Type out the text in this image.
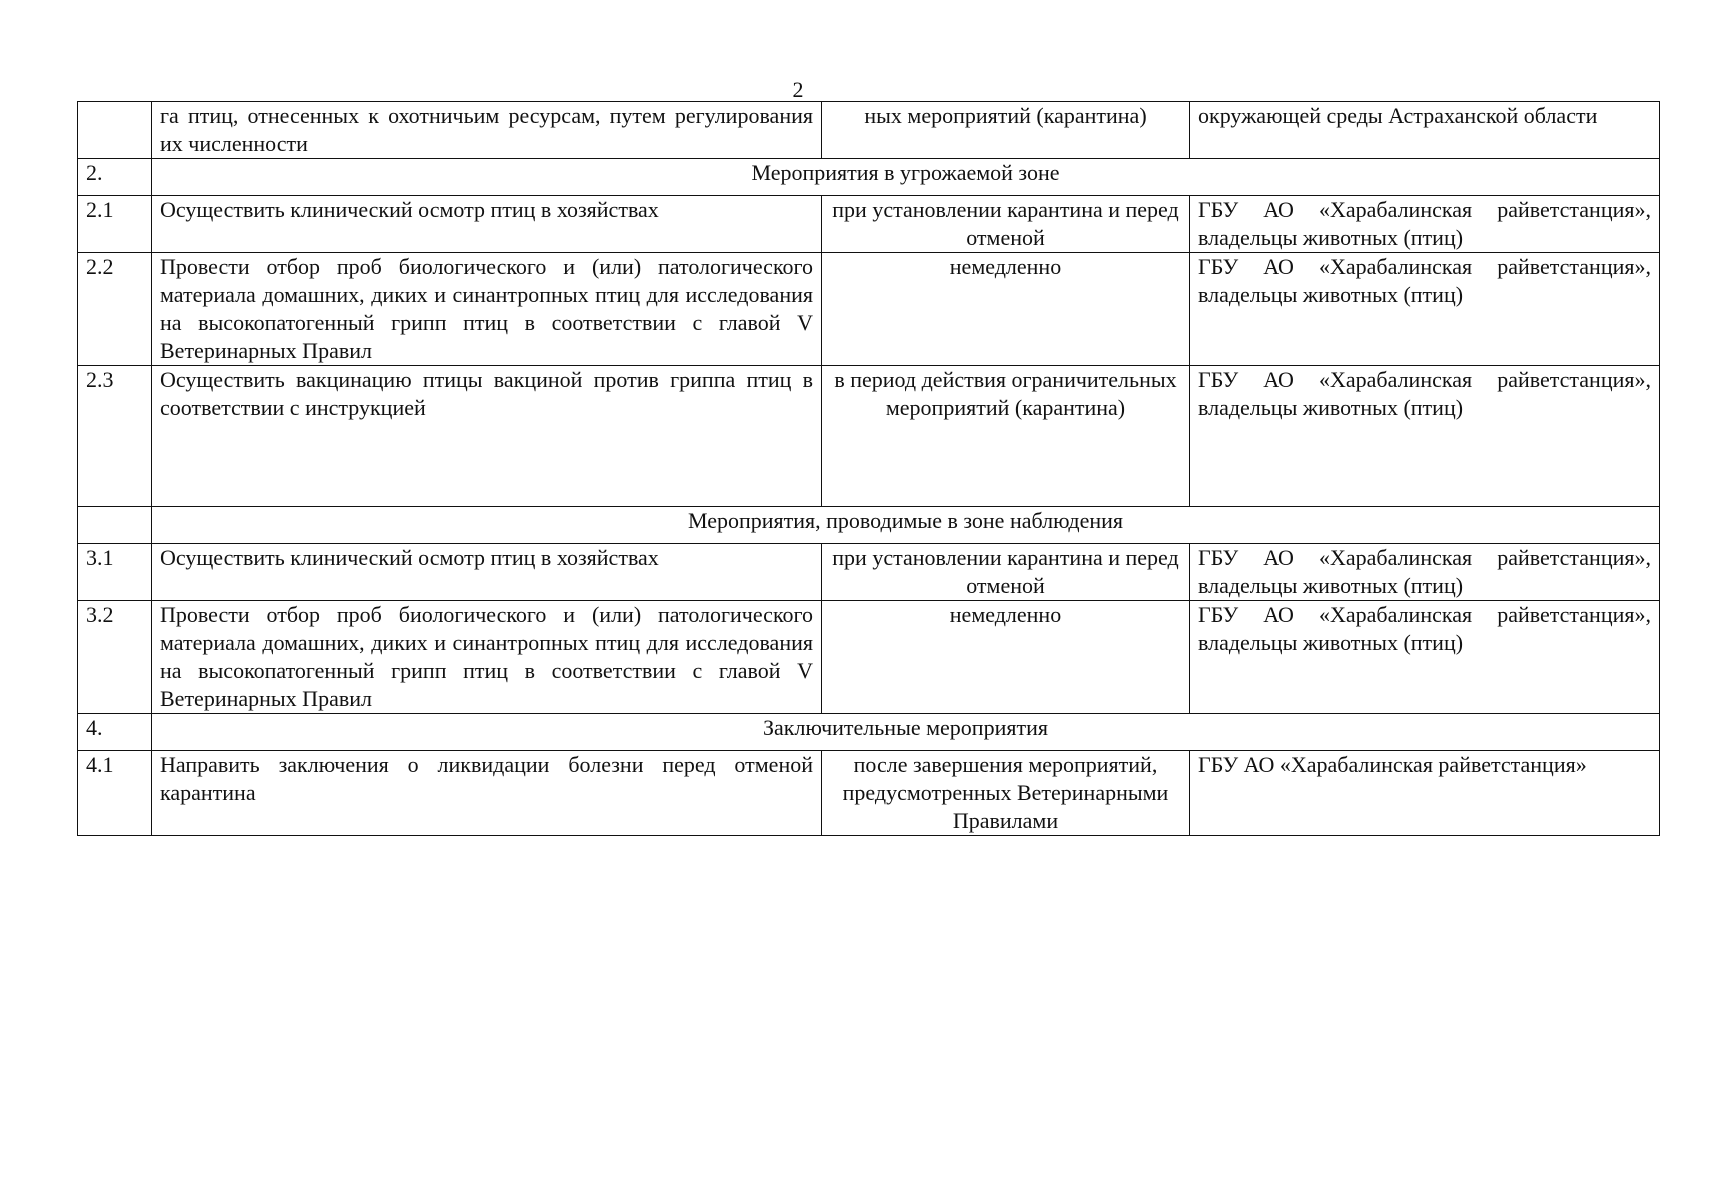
2
	га птиц, отнесенных к охотничьим ресурсам, путем регулирования их численности	ных мероприятий (карантина)	окружающей среды Астраханской области
2.	Мероприятия в угрожаемой зоне		
2.1	Осуществить клинический осмотр птиц в хозяйствах	при установлении карантина и перед отменой	ГБУ АО «Харабалинская райветстанция», владельцы животных (птиц)
2.2	Провести отбор проб биологического и (или) патологического материала домашних, диких и синантропных птиц для исследования на высокопатогенный грипп птиц в соответствии с главой V Ветеринарных Правил	немедленно	ГБУ АО «Харабалинская райветстанция», владельцы животных (птиц)
2.3	Осуществить вакцинацию птицы вакциной против гриппа птиц в соответствии с инструкцией	в период действия ограничительных мероприятий (карантина)	ГБУ АО «Харабалинская райветстанция», владельцы животных (птиц)
	Мероприятия, проводимые в зоне наблюдения		
3.1	Осуществить клинический осмотр птиц в хозяйствах	при установлении карантина и перед отменой	ГБУ АО «Харабалинская райветстанция», владельцы животных (птиц)
3.2	Провести отбор проб биологического и (или) патологического материала домашних, диких и синантропных птиц для исследования на высокопатогенный грипп птиц в соответствии с главой V Ветеринарных Правил	немедленно	ГБУ АО «Харабалинская райветстанция», владельцы животных (птиц)
4.	Заключительные мероприятия		
4.1	Направить заключения о ликвидации болезни перед отменой карантина	после завершения мероприятий, предусмотренных Ветеринарными Правилами	ГБУ АО «Харабалинская райветстанция»
